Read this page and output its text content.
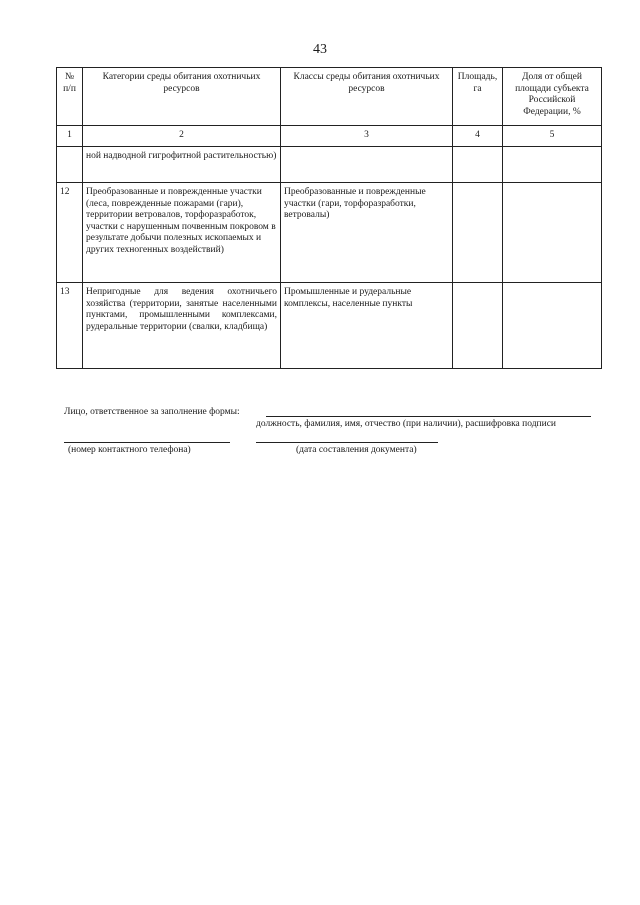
43
№ п/п	Категории среды обитания охотничьих ресурсов	Классы среды обитания охотничьих ресурсов	Площадь, га	Доля от общей площади субъекта Российской Федерации, %
1	2	3	4	5
	ной надводной гигрофитной растительностью)			
12	Преобразованные и поврежденные участки (леса, поврежденные пожарами (гари), территории ветровалов, торфоразработок, участки с нарушенным почвенным покровом в результате добычи полезных ископаемых и других техногенных воздействий)	Преобразованные и поврежденные участки (гари, торфоразработки, ветровалы)		
13	Непригодные для ведения охотничьего хозяйства (территории, занятые населенными пунктами, промышленными комплексами, рудеральные территории (свалки, кладбища)	Промышленные и рудеральные комплексы, населенные пункты		
Лицо, ответственное за заполнение формы:
должность, фамилия, имя, отчество (при наличии), расшифровка подписи
(номер контактного телефона)	(дата составления документа)
